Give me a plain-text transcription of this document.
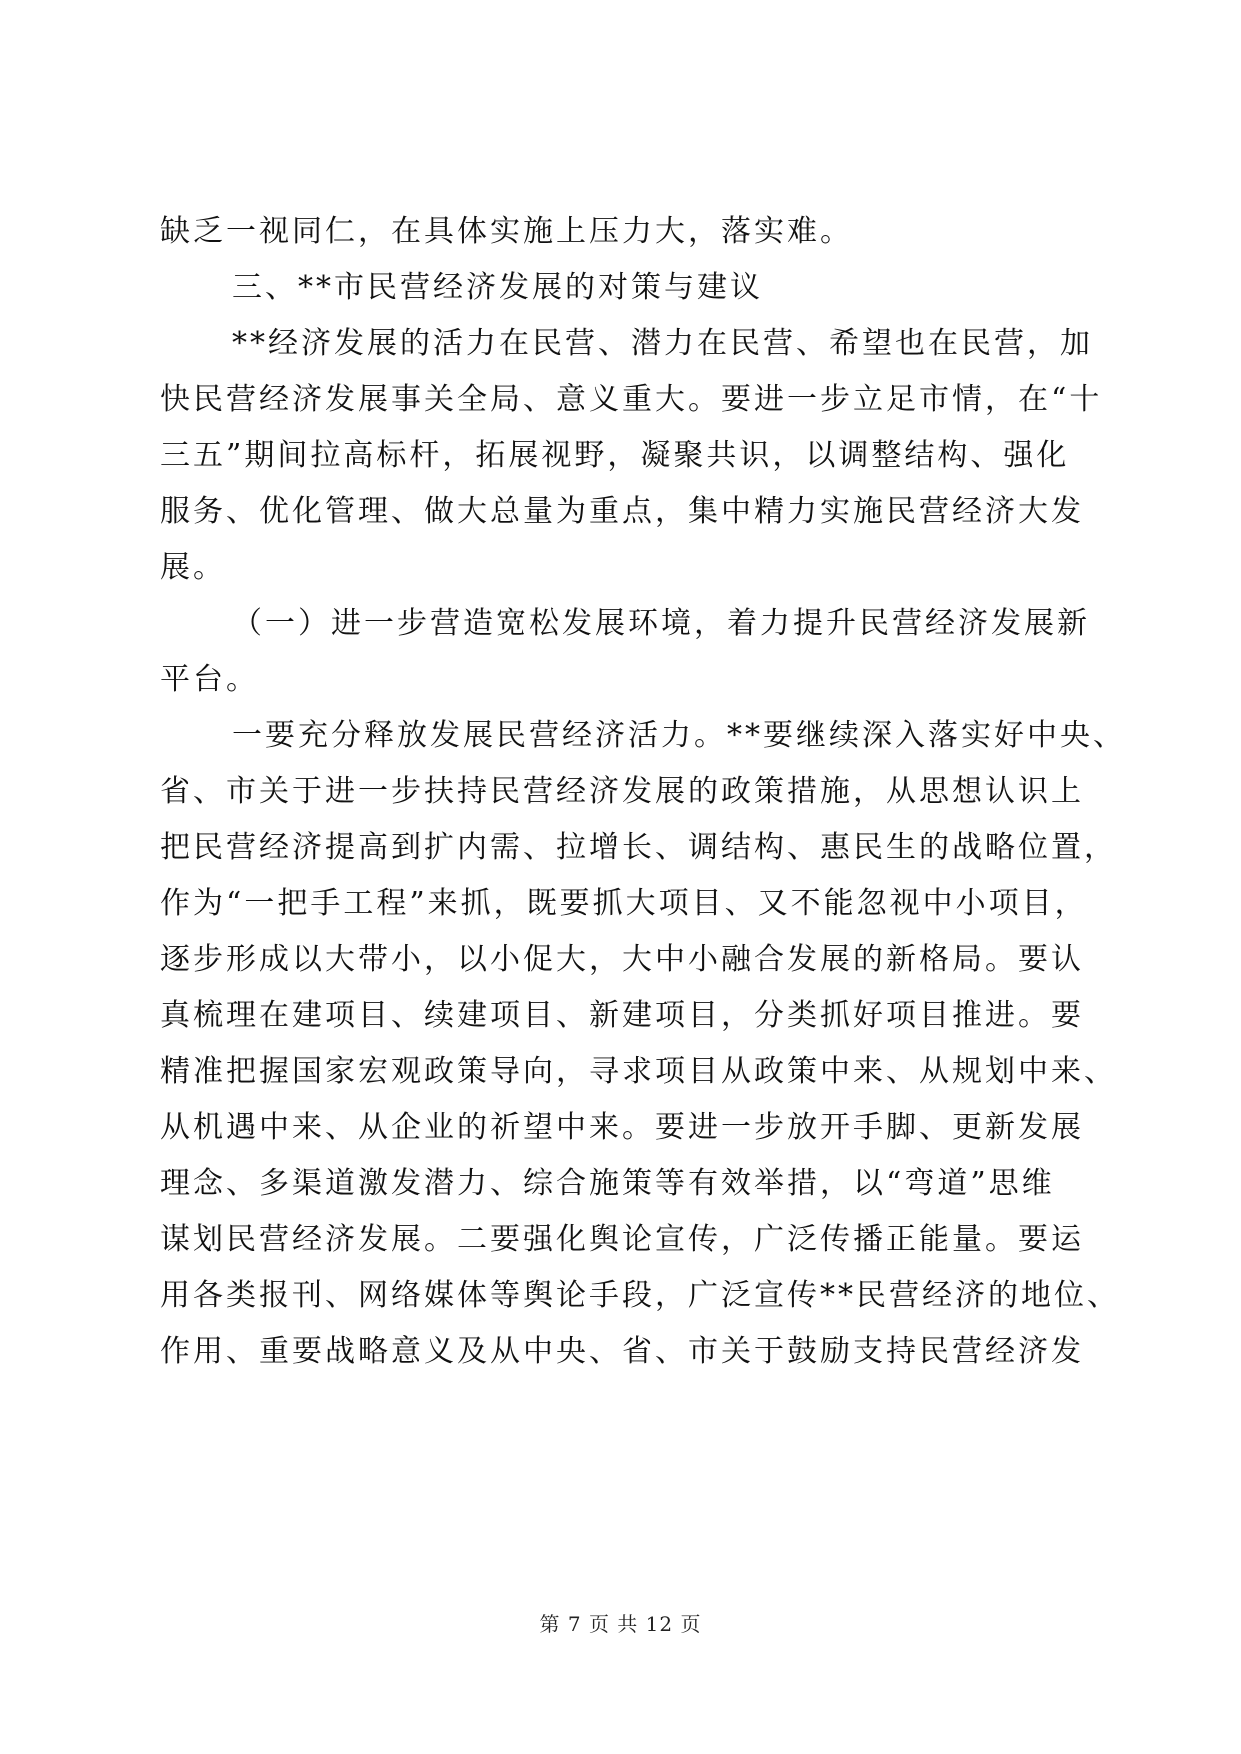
缺乏一视同仁，在具体实施上压力大，落实难。
三、**市民营经济发展的对策与建议
**经济发展的活力在民营、潜力在民营、希望也在民营，加
快民营经济发展事关全局、意义重大。要进一步立足市情，在“十
三五”期间拉高标杆，拓展视野，凝聚共识，以调整结构、强化
服务、优化管理、做大总量为重点，集中精力实施民营经济大发
展。
（一）进一步营造宽松发展环境，着力提升民营经济发展新
平台。
一要充分释放发展民营经济活力。**要继续深入落实好中央、
省、市关于进一步扶持民营经济发展的政策措施，从思想认识上
把民营经济提高到扩内需、拉增长、调结构、惠民生的战略位置，
作为“一把手工程”来抓，既要抓大项目、又不能忽视中小项目，
逐步形成以大带小，以小促大，大中小融合发展的新格局。要认
真梳理在建项目、续建项目、新建项目，分类抓好项目推进。要
精准把握国家宏观政策导向，寻求项目从政策中来、从规划中来、
从机遇中来、从企业的祈望中来。要进一步放开手脚、更新发展
理念、多渠道激发潜力、综合施策等有效举措，以“弯道”思维
谋划民营经济发展。二要强化舆论宣传，广泛传播正能量。要运
用各类报刊、网络媒体等舆论手段，广泛宣传**民营经济的地位、
作用、重要战略意义及从中央、省、市关于鼓励支持民营经济发
第 7 页 共 12 页
